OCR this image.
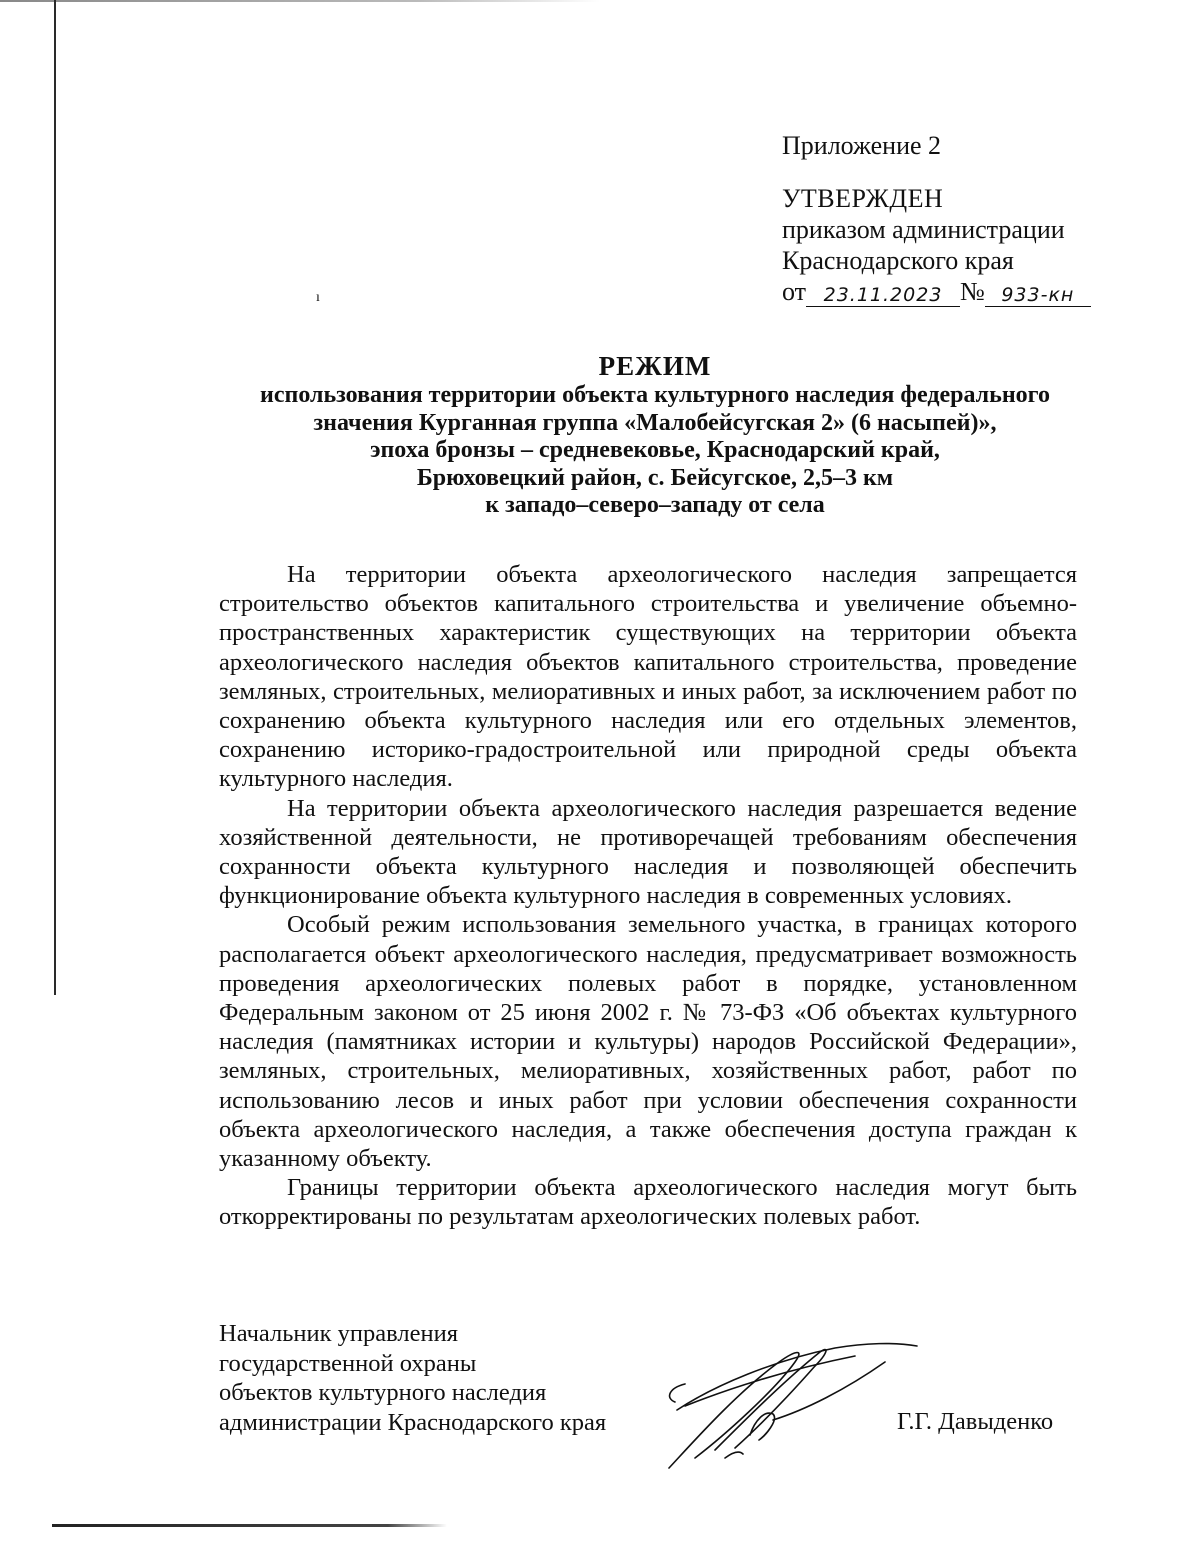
ı

Приложение 2

УТВЕРЖДЕН

приказом администрации

Краснодарского края

от 23.11.2023 № 933-кн

РЕЖИМ

использования территории объекта культурного наследия федерального

значения Курганная группа «Малобейсугская 2» (6 насыпей)»,

эпоха бронзы – средневековье, Краснодарский край,

Брюховецкий район, с. Бейсугское, 2,5–3 км

к западо–северо–западу от села

На территории объекта археологического наследия запрещается строительство объектов капитального строительства и увеличение объемно-пространственных характеристик существующих на территории объекта археологического наследия объектов капитального строительства, проведение земляных, строительных, мелиоративных и иных работ, за исключением работ по сохранению объекта культурного наследия или его отдельных элементов, сохранению историко-градостроительной или природной среды объекта культурного наследия.

На территории объекта археологического наследия разрешается ведение хозяйственной деятельности, не противоречащей требованиям обеспечения сохранности объекта культурного наследия и позволяющей обеспечить функционирование объекта культурного наследия в современных условиях.

Особый режим использования земельного участка, в границах которого располагается объект археологического наследия, предусматривает возможность проведения археологических полевых работ в порядке, установленном Федеральным законом от 25 июня 2002 г. № 73-ФЗ «Об объектах культурного наследия (памятниках истории и культуры) народов Российской Федерации», земляных, строительных, мелиоративных, хозяйственных работ, работ по использованию лесов и иных работ при условии обеспечения сохранности объекта археологического наследия, а также обеспечения доступа граждан к указанному объекту.

Границы территории объекта археологического наследия могут быть откорректированы по результатам археологических полевых работ.

Начальник управления

государственной охраны

объектов культурного наследия

администрации Краснодарского края	Г.Г. Давыденко
